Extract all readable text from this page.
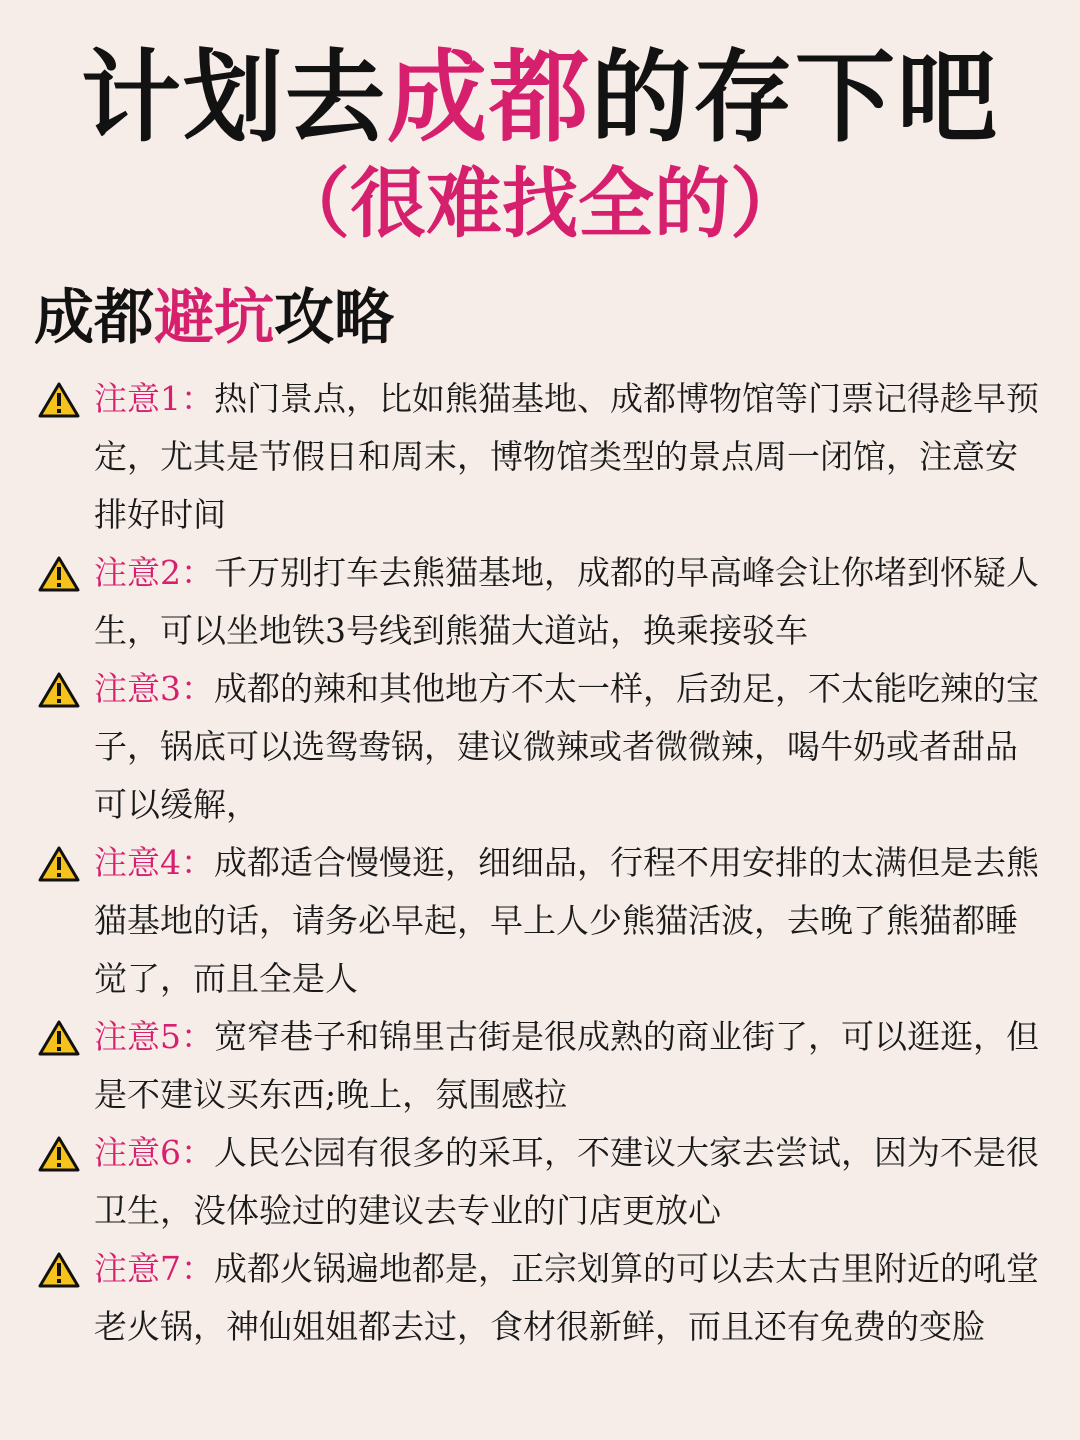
计划去成都的存下吧
（很难找全的）
成都避坑攻略
注意1：热门景点，比如熊猫基地、成都博物馆等门票记得趁早预定，尤其是节假日和周末，博物馆类型的景点周一闭馆，注意安排好时间
注意2：千万别打车去熊猫基地，成都的早高峰会让你堵到怀疑人生，可以坐地铁3号线到熊猫大道站，换乘接驳车
注意3：成都的辣和其他地方不太一样，后劲足，不太能吃辣的宝子，锅底可以选鸳鸯锅，建议微辣或者微微辣，喝牛奶或者甜品可以缓解，
注意4：成都适合慢慢逛，细细品，行程不用安排的太满但是去熊猫基地的话，请务必早起，早上人少熊猫活波，去晚了熊猫都睡觉了，而且全是人
注意5：宽窄巷子和锦里古街是很成熟的商业街了，可以逛逛，但是不建议买东西;晚上，氛围感拉
注意6：人民公园有很多的采耳，不建议大家去尝试，因为不是很卫生，没体验过的建议去专业的门店更放心
注意7：成都火锅遍地都是，正宗划算的可以去太古里附近的吼堂老火锅，神仙姐姐都去过，食材很新鲜，而且还有免费的变脸
